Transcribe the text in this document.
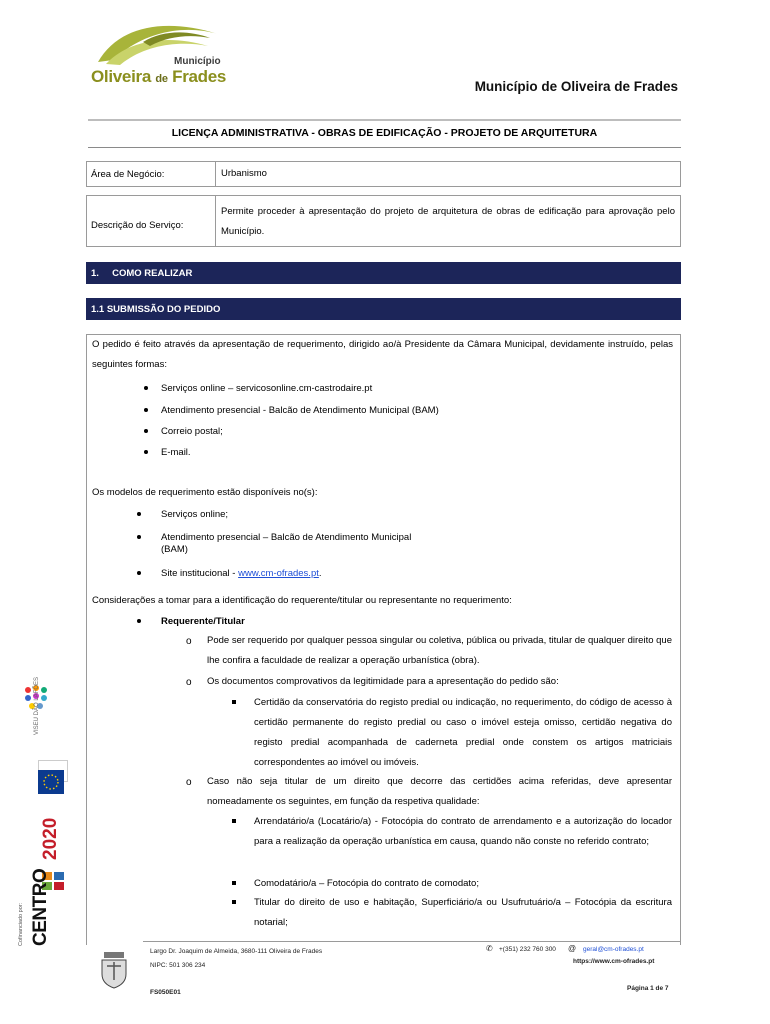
Município
Oliveira de Frades
Município de Oliveira de Frades
LICENÇA ADMINISTRATIVA - OBRAS DE EDIFICAÇÃO - PROJETO DE ARQUITETURA
Área de Negócio:	Urbanismo
Descrição do Serviço:
Permite proceder à apresentação do projeto de arquitetura de obras de edificação para aprovação pelo Município.
1.     COMO REALIZAR
1.1 SUBMISSÃO DO PEDIDO
O pedido é feito através da apresentação de requerimento, dirigido ao/à Presidente da Câmara Municipal, devidamente instruído, pelas seguintes formas:
Serviços online – servicosonline.cm-castrodaire.pt
Atendimento presencial - Balcão de Atendimento Municipal (BAM)
Correio postal;
E-mail.
Os modelos de requerimento estão disponíveis no(s):
Serviços online;
Atendimento presencial – Balcão de Atendimento Municipal
(BAM)
Site institucional - www.cm-ofrades.pt.
Considerações a tomar para a identificação do requerente/titular ou representante no requerimento:
Requerente/Titular
o Pode ser requerido por qualquer pessoa singular ou coletiva, pública ou privada, titular de qualquer direito que lhe confira a faculdade de realizar a operação urbanística (obra).
o Os documentos comprovativos da legitimidade para a apresentação do pedido são:
Certidão da conservatória do registo predial ou indicação, no requerimento, do código de acesso à certidão permanente do registo predial ou caso o imóvel esteja omisso, certidão negativa do registo predial acompanhada de caderneta predial onde constem os artigos matriciais correspondentes ao imóvel ou imóveis.
o Caso não seja titular de um direito que decorre das certidões acima referidas, deve apresentar nomeadamente os seguintes, em função da respetiva qualidade:
Arrendatário/a (Locatário/a) - Fotocópia do contrato de arrendamento e a autorização do locador para a realização da operação urbanística em causa, quando não conste no referido contrato;
Comodatário/a – Fotocópia do contrato de comodato;
Titular do direito de uso e habitação, Superficiário/a ou Usufrutuário/a – Fotocópia da escritura notarial;
VISEU DÃO LAFÕES
2020
CENTRO
Cofinanciado por:
Largo Dr. Joaquim de Almeida, 3680-111 Oliveira de Frades
NIPC: 501 306 234
FS050E01
✆ +(351) 232 760 300 @ geral@cm-ofrades.pt
https://www.cm-ofrades.pt
Página 1 de 7
